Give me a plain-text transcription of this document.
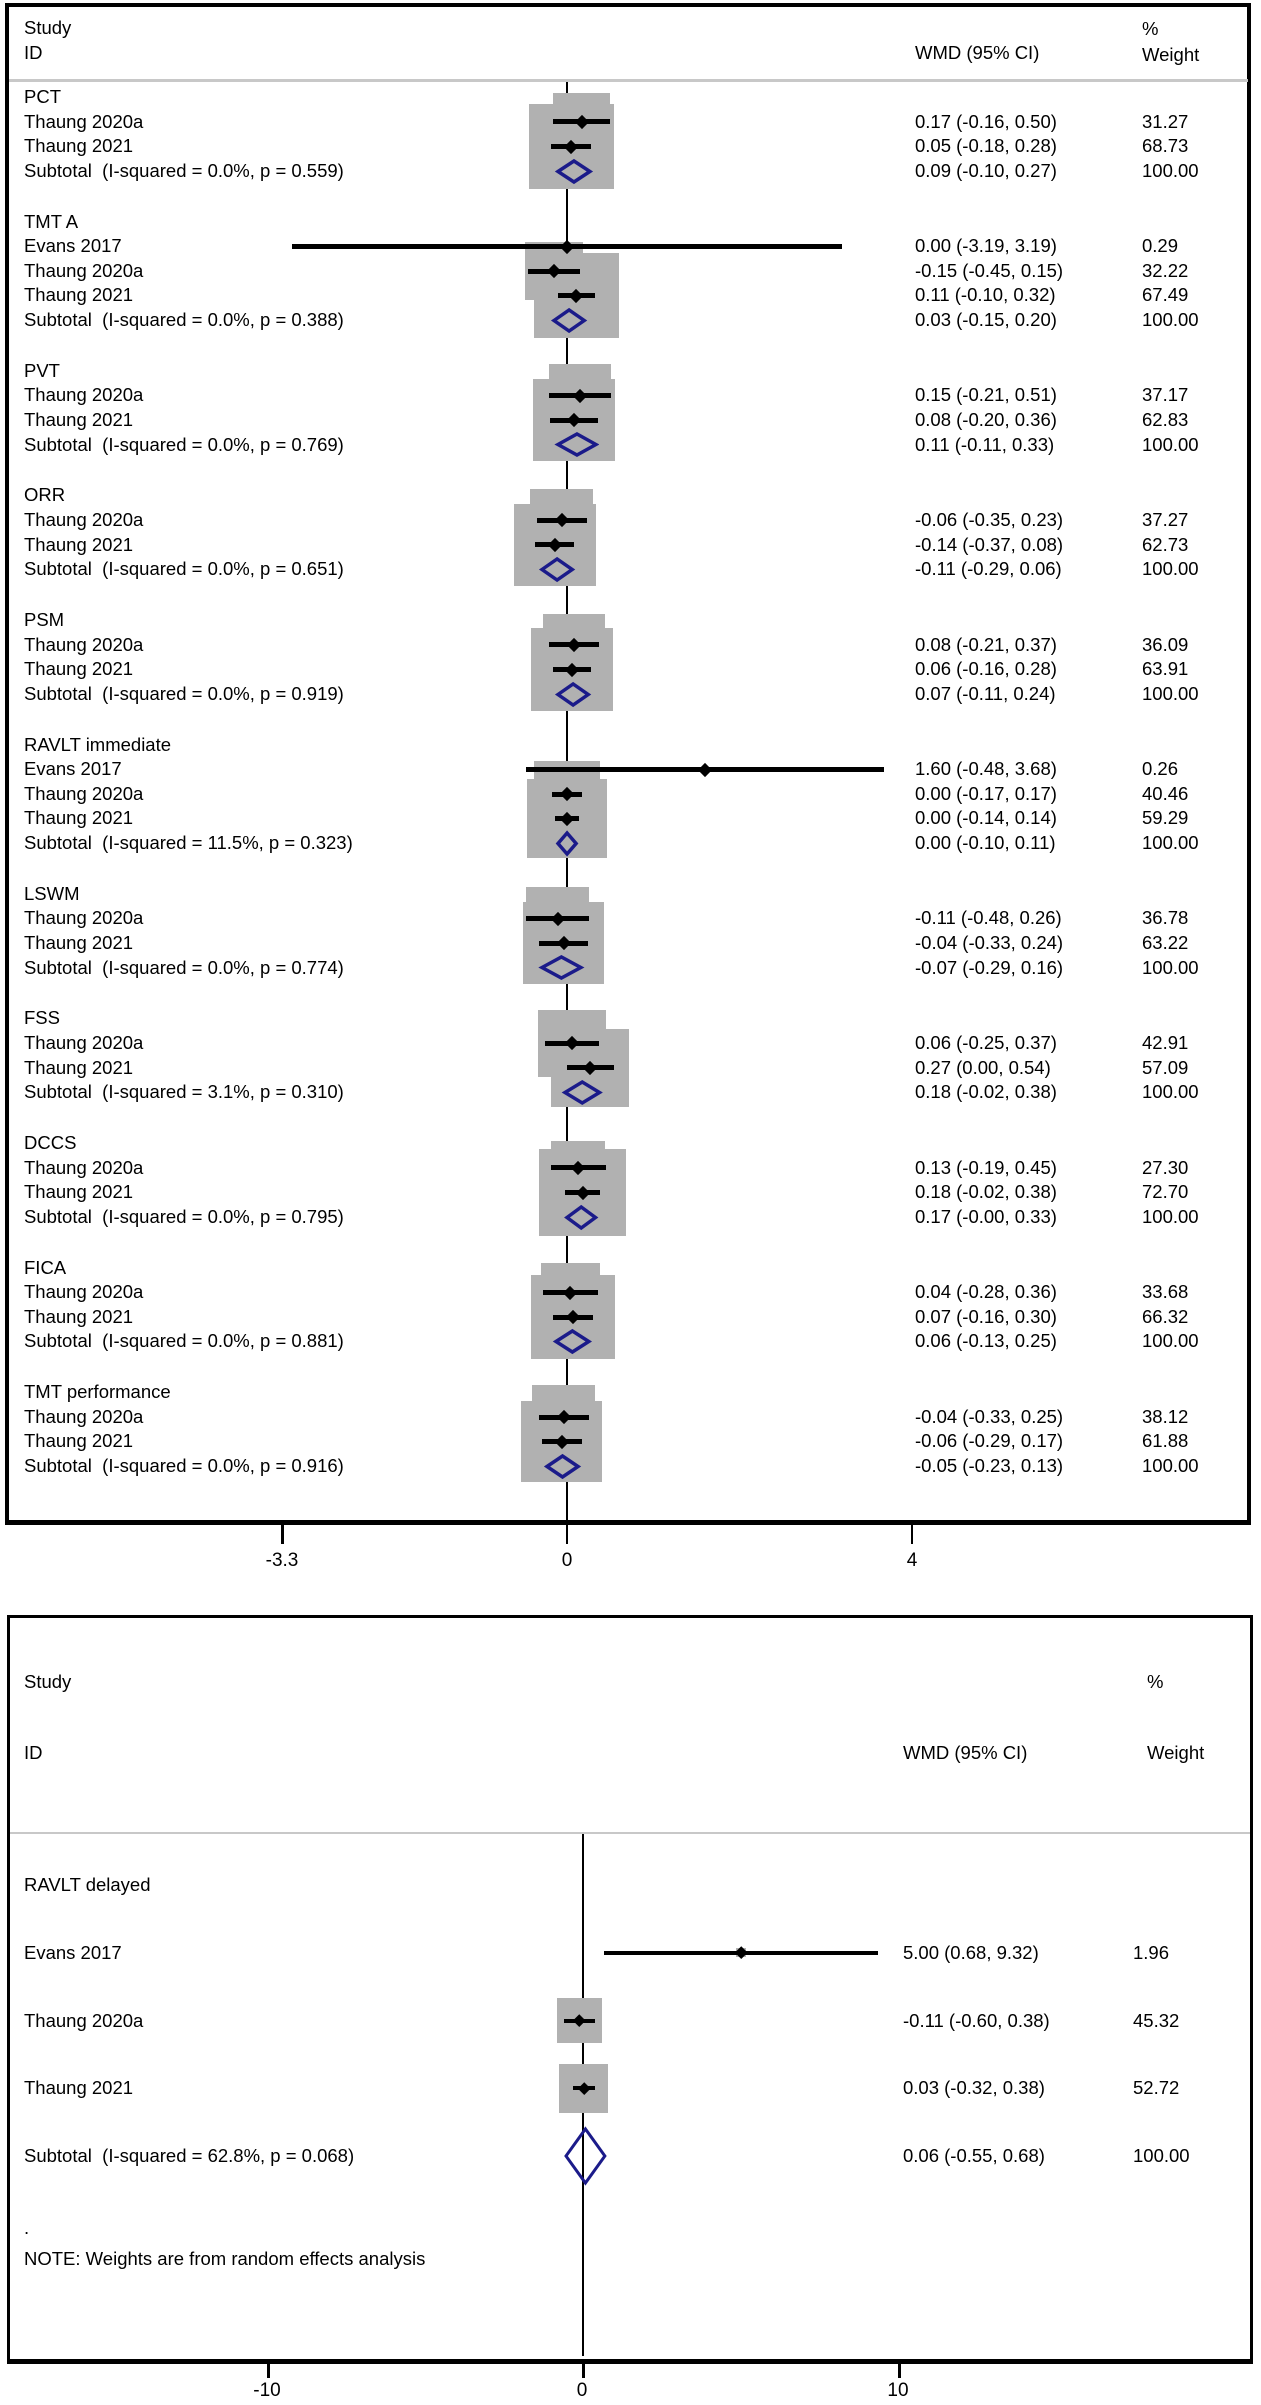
Study
ID	WMD (95% CI)
%
Weight
-3.3	0	4
Study
ID	WMD (95% CI)
%
Weight
-10	0	10
.
NOTE: Weights are from random effects analysis
PCT
Thaung 2020a	0.17 (-0.16, 0.50)	31.27
Thaung 2021	0.05 (-0.18, 0.28)	68.73
Subtotal  (I-squared = 0.0%, p = 0.559)	0.09 (-0.10, 0.27)	100.00
TMT A
Evans 2017	0.00 (-3.19, 3.19)	0.29
Thaung 2020a	-0.15 (-0.45, 0.15)	32.22
Thaung 2021	0.11 (-0.10, 0.32)	67.49
Subtotal  (I-squared = 0.0%, p = 0.388)	0.03 (-0.15, 0.20)	100.00
PVT
Thaung 2020a	0.15 (-0.21, 0.51)	37.17
Thaung 2021	0.08 (-0.20, 0.36)	62.83
Subtotal  (I-squared = 0.0%, p = 0.769)	0.11 (-0.11, 0.33)	100.00
ORR
Thaung 2020a	-0.06 (-0.35, 0.23)	37.27
Thaung 2021	-0.14 (-0.37, 0.08)	62.73
Subtotal  (I-squared = 0.0%, p = 0.651)	-0.11 (-0.29, 0.06)	100.00
PSM
Thaung 2020a	0.08 (-0.21, 0.37)	36.09
Thaung 2021	0.06 (-0.16, 0.28)	63.91
Subtotal  (I-squared = 0.0%, p = 0.919)	0.07 (-0.11, 0.24)	100.00
RAVLT immediate
Evans 2017	1.60 (-0.48, 3.68)	0.26
Thaung 2020a	0.00 (-0.17, 0.17)	40.46
Thaung 2021	0.00 (-0.14, 0.14)	59.29
Subtotal  (I-squared = 11.5%, p = 0.323)	0.00 (-0.10, 0.11)	100.00
LSWM
Thaung 2020a	-0.11 (-0.48, 0.26)	36.78
Thaung 2021	-0.04 (-0.33, 0.24)	63.22
Subtotal  (I-squared = 0.0%, p = 0.774)	-0.07 (-0.29, 0.16)	100.00
FSS
Thaung 2020a	0.06 (-0.25, 0.37)	42.91
Thaung 2021	0.27 (0.00, 0.54)	57.09
Subtotal  (I-squared = 3.1%, p = 0.310)	0.18 (-0.02, 0.38)	100.00
DCCS
Thaung 2020a	0.13 (-0.19, 0.45)	27.30
Thaung 2021	0.18 (-0.02, 0.38)	72.70
Subtotal  (I-squared = 0.0%, p = 0.795)	0.17 (-0.00, 0.33)	100.00
FICA
Thaung 2020a	0.04 (-0.28, 0.36)	33.68
Thaung 2021	0.07 (-0.16, 0.30)	66.32
Subtotal  (I-squared = 0.0%, p = 0.881)	0.06 (-0.13, 0.25)	100.00
TMT performance
Thaung 2020a	-0.04 (-0.33, 0.25)	38.12
Thaung 2021	-0.06 (-0.29, 0.17)	61.88
Subtotal  (I-squared = 0.0%, p = 0.916)	-0.05 (-0.23, 0.13)	100.00
RAVLT delayed
Evans 2017	5.00 (0.68, 9.32)	1.96
Thaung 2020a	-0.11 (-0.60, 0.38)	45.32
Thaung 2021	0.03 (-0.32, 0.38)	52.72
Subtotal  (I-squared = 62.8%, p = 0.068)	0.06 (-0.55, 0.68)	100.00
